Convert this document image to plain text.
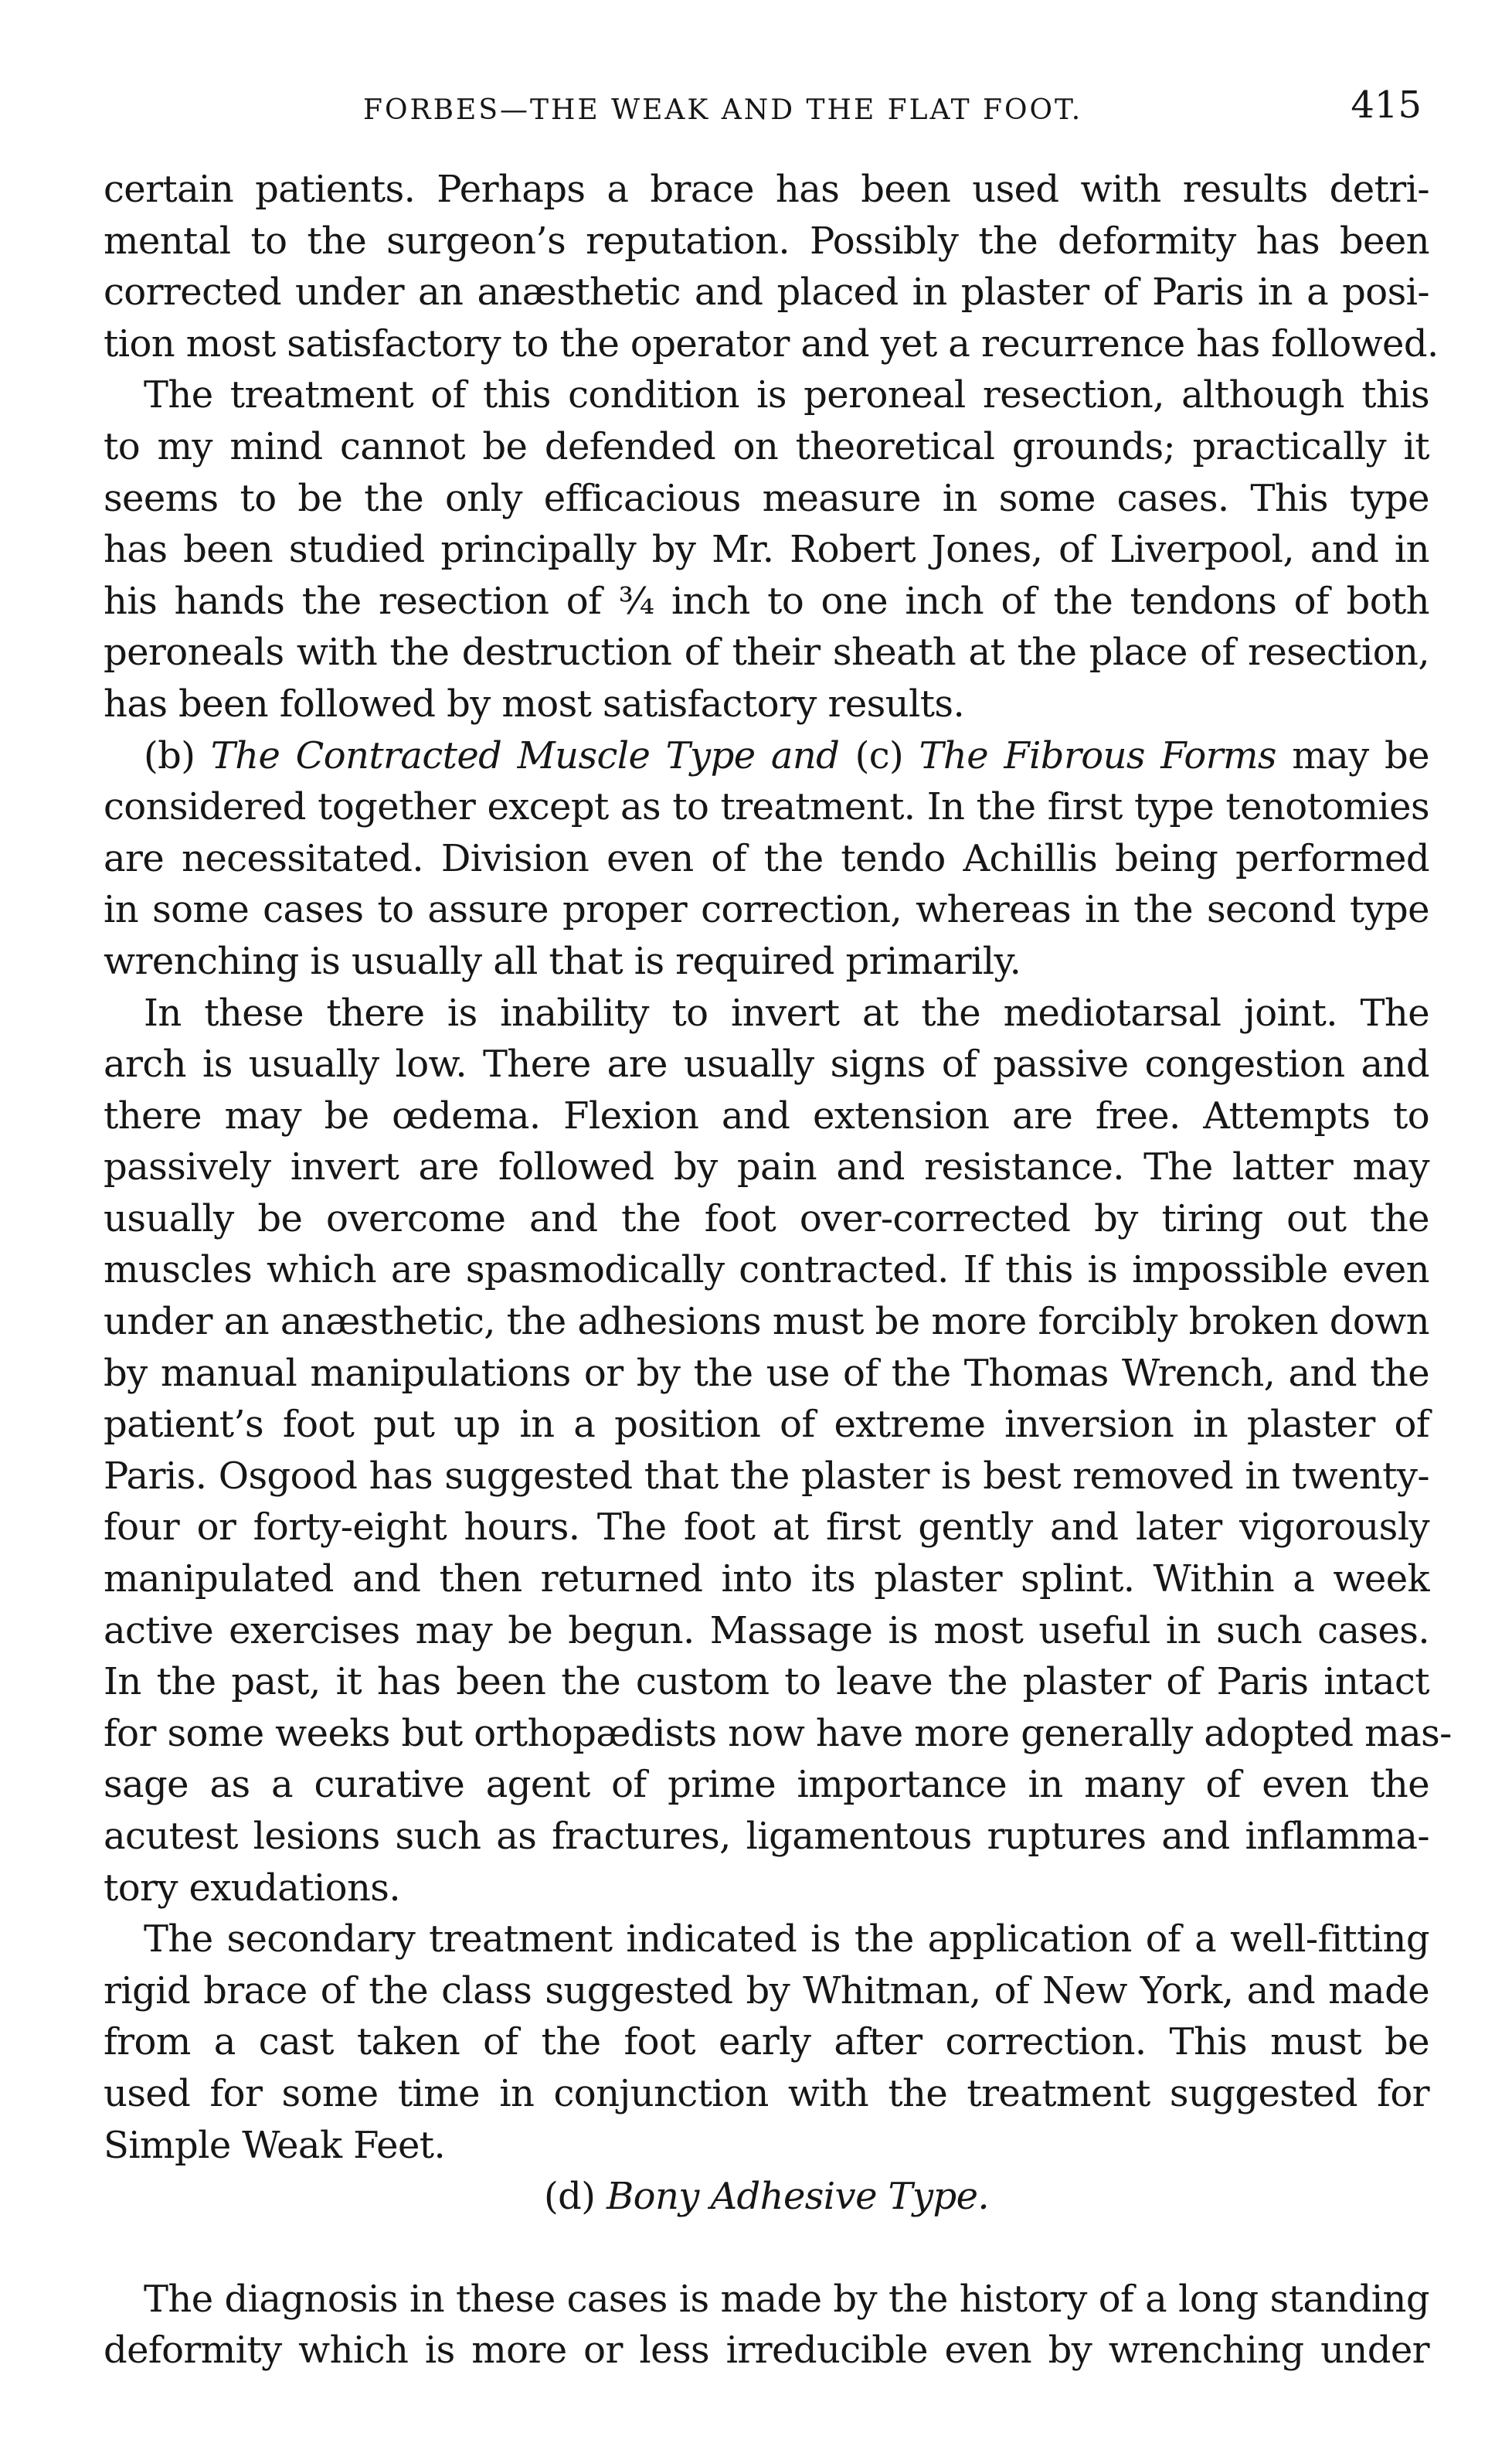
FORBES—THE WEAK AND THE FLAT FOOT.	415
certain patients. Perhaps a brace has been used with results detri-
mental to the surgeon’s reputation. Possibly the deformity has been
corrected under an anæsthetic and placed in plaster of Paris in a posi-
tion most satisfactory to the operator and yet a recurrence has followed.
The treatment of this condition is peroneal resection, although this
to my mind cannot be defended on theoretical grounds; practically it
seems to be the only efficacious measure in some cases. This type
has been studied principally by Mr. Robert Jones, of Liverpool, and in
his hands the resection of ¾ inch to one inch of the tendons of both
peroneals with the destruction of their sheath at the place of resection,
has been followed by most satisfactory results.
(b) The Contracted Muscle Type and (c) The Fibrous Forms may be
considered together except as to treatment. In the first type tenotomies
are necessitated. Division even of the tendo Achillis being performed
in some cases to assure proper correction, whereas in the second type
wrenching is usually all that is required primarily.
In these there is inability to invert at the mediotarsal joint. The
arch is usually low. There are usually signs of passive congestion and
there may be œdema. Flexion and extension are free. Attempts to
passively invert are followed by pain and resistance. The latter may
usually be overcome and the foot over-corrected by tiring out the
muscles which are spasmodically contracted. If this is impossible even
under an anæsthetic, the adhesions must be more forcibly broken down
by manual manipulations or by the use of the Thomas Wrench, and the
patient’s foot put up in a position of extreme inversion in plaster of
Paris. Osgood has suggested that the plaster is best removed in twenty-
four or forty-eight hours. The foot at first gently and later vigorously
manipulated and then returned into its plaster splint. Within a week
active exercises may be begun. Massage is most useful in such cases.
In the past, it has been the custom to leave the plaster of Paris intact
for some weeks but orthopædists now have more generally adopted mas-
sage as a curative agent of prime importance in many of even the
acutest lesions such as fractures, ligamentous ruptures and inflamma-
tory exudations.
The secondary treatment indicated is the application of a well-fitting
rigid brace of the class suggested by Whitman, of New York, and made
from a cast taken of the foot early after correction. This must be
used for some time in conjunction with the treatment suggested for
Simple Weak Feet.
(d) Bony Adhesive Type.
The diagnosis in these cases is made by the history of a long standing
deformity which is more or less irreducible even by wrenching under
